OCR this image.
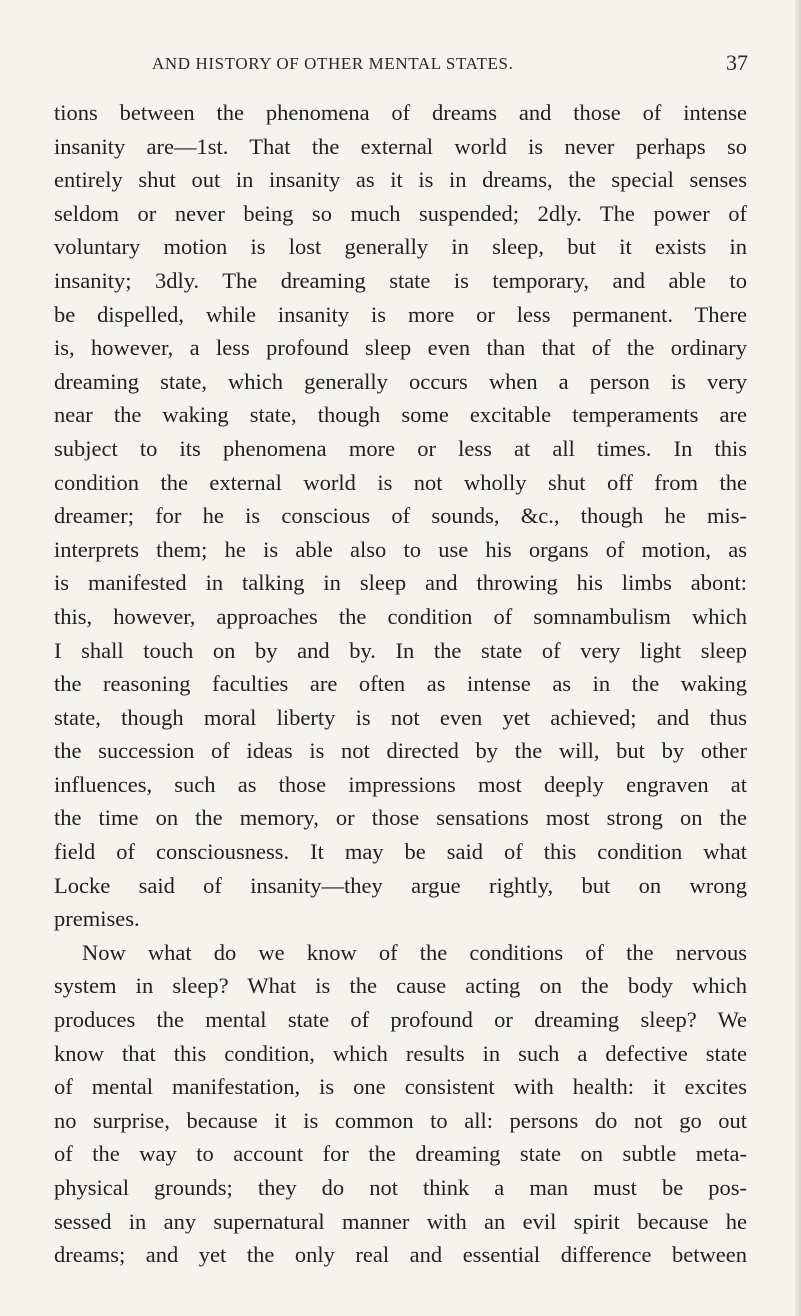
AND HISTORY OF OTHER MENTAL STATES.	37
tions between the phenomena of dreams and those of intense
insanity are—1st. That the external world is never perhaps so
entirely shut out in insanity as it is in dreams, the special senses
seldom or never being so much suspended; 2dly. The power of
voluntary motion is lost generally in sleep, but it exists in
insanity; 3dly. The dreaming state is temporary, and able to
be dispelled, while insanity is more or less permanent. There
is, however, a less profound sleep even than that of the ordinary
dreaming state, which generally occurs when a person is very
near the waking state, though some excitable temperaments are
subject to its phenomena more or less at all times. In this
condition the external world is not wholly shut off from the
dreamer; for he is conscious of sounds, &c., though he mis-
interprets them; he is able also to use his organs of motion, as
is manifested in talking in sleep and throwing his limbs abont:
this, however, approaches the condition of somnambulism which
I shall touch on by and by. In the state of very light sleep
the reasoning faculties are often as intense as in the waking
state, though moral liberty is not even yet achieved; and thus
the succession of ideas is not directed by the will, but by other
influences, such as those impressions most deeply engraven at
the time on the memory, or those sensations most strong on the
field of consciousness. It may be said of this condition what
Locke said of insanity—they argue rightly, but on wrong
premises.
Now what do we know of the conditions of the nervous
system in sleep? What is the cause acting on the body which
produces the mental state of profound or dreaming sleep? We
know that this condition, which results in such a defective state
of mental manifestation, is one consistent with health: it excites
no surprise, because it is common to all: persons do not go out
of the way to account for the dreaming state on subtle meta-
physical grounds; they do not think a man must be pos-
sessed in any supernatural manner with an evil spirit because he
dreams; and yet the only real and essential difference between
